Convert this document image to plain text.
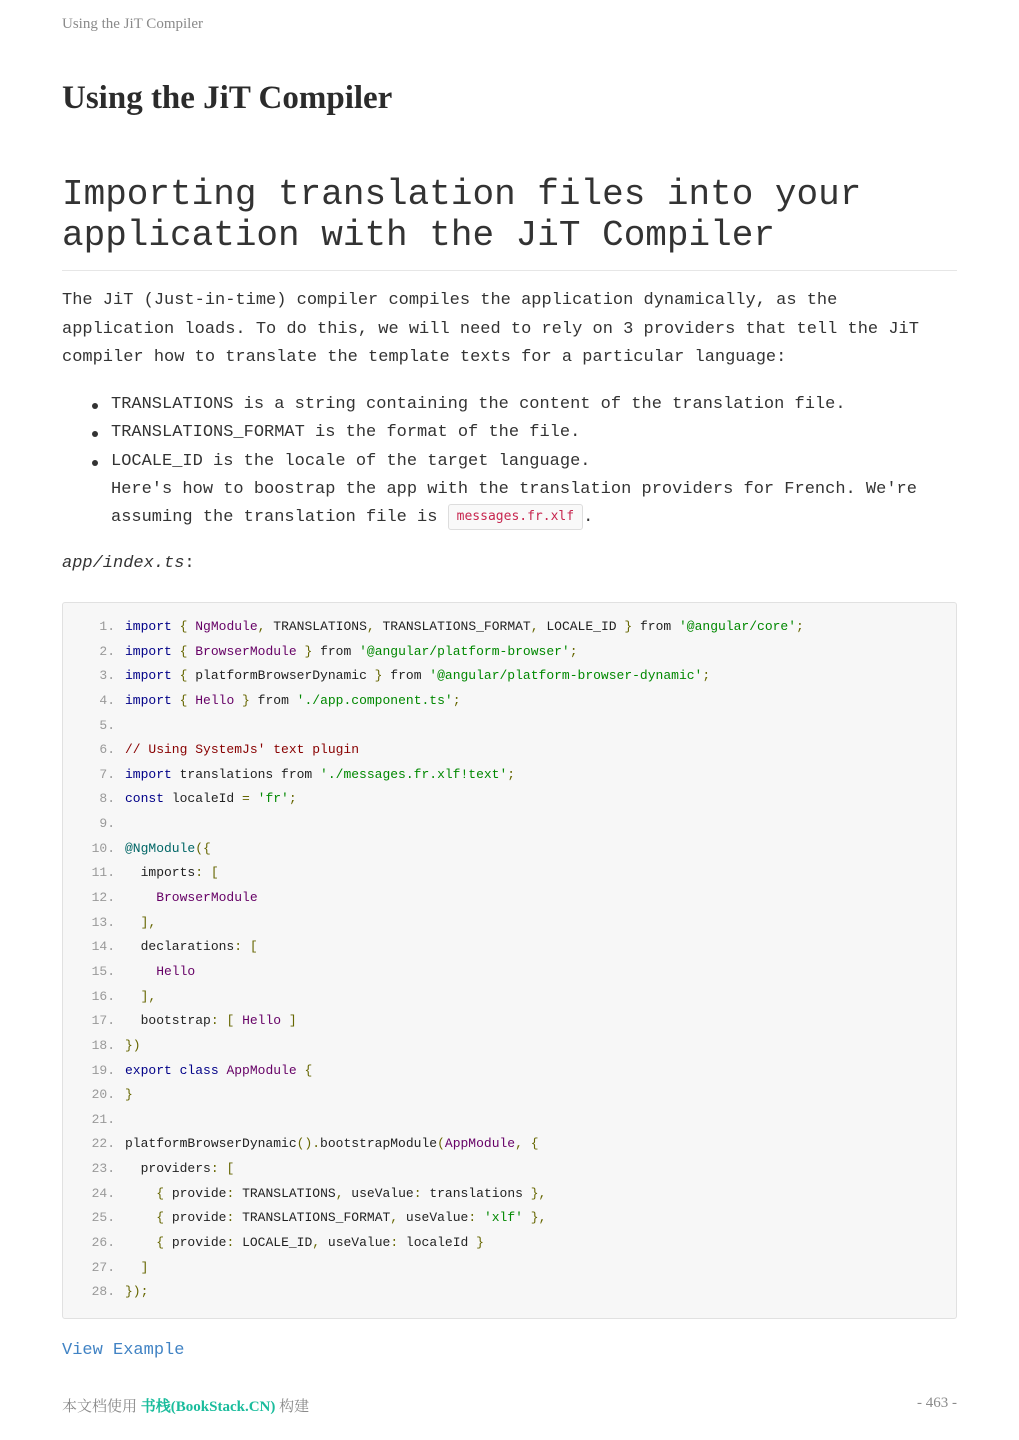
Using the JiT Compiler
Using the JiT Compiler
Importing translation files into your application with the JiT Compiler

The JiT (Just-in-time) compiler compiles the application dynamically, as the application loads. To do this, we will need to rely on 3 providers that tell the JiT compiler how to translate the template texts for a particular language:

TRANSLATIONS is a string containing the content of the translation file.
TRANSLATIONS_FORMAT is the format of the file.
LOCALE_ID is the locale of the target language.
Here's how to boostrap the app with the translation providers for French. We're assuming the translation file is messages.fr.xlf .
app/index.ts:
1. import { NgModule, TRANSLATIONS, TRANSLATIONS_FORMAT, LOCALE_ID } from '@angular/core';
2. import { BrowserModule } from '@angular/platform-browser';
3. import { platformBrowserDynamic } from '@angular/platform-browser-dynamic';
4. import { Hello } from './app.component.ts';
5.
6. // Using SystemJs' text plugin
7. import translations from './messages.fr.xlf!text';
8. const localeId = 'fr';
9.
10. @NgModule({
11.  imports: [
12.    BrowserModule
13. ],
14.  declarations: [
15.    Hello
16. ],
17.  bootstrap: [ Hello ]
18. })
19. export class AppModule {
20. }
21.
22. platformBrowserDynamic().bootstrapModule(AppModule, {
23.  providers: [
24.	{ provide: TRANSLATIONS, useValue: translations },
25.	{ provide: TRANSLATIONS_FORMAT, useValue: 'xlf' },
26.	{ provide: LOCALE_ID, useValue: localeId }
27. ]
28. });
View Example
本文档使用 书栈(BookStack.CN) 构建	- 463 -
